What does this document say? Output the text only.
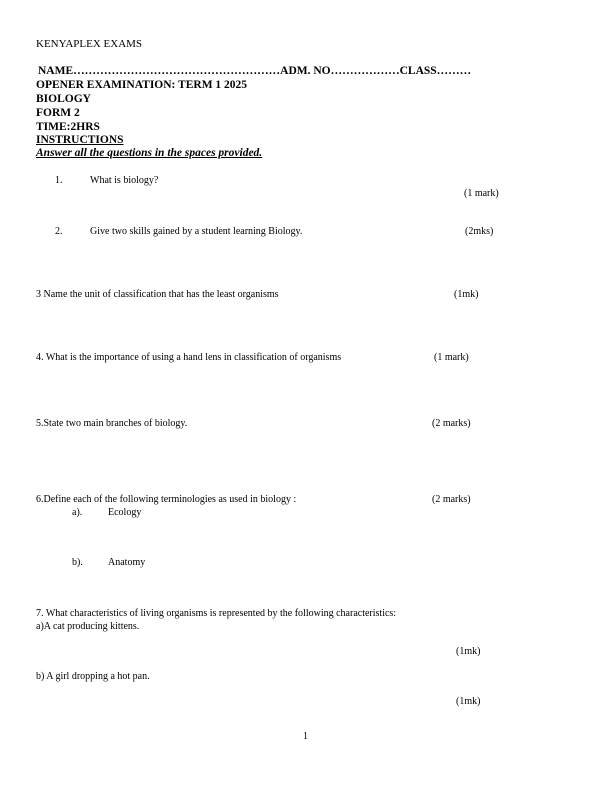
KENYAPLEX EXAMS
NAME………………………………………………ADM. NO………………CLASS………
OPENER EXAMINATION: TERM 1 2025
BIOLOGY
FORM 2
TIME:2HRS
INSTRUCTIONS
Answer all the questions in the spaces provided.
1.	What is biology?
(1 mark)
2.	Give two skills gained by a student learning Biology.	(2mks)
3 Name the unit of classification that has the least organisms	(1mk)
4. What is the importance of using a hand lens in classification of organisms	(1 mark)
5.State two main branches of biology.	(2 marks)
6.Define each of the following terminologies as used in biology :	(2 marks)
a).	Ecology
b).	Anatomy
7. What characteristics of living organisms is represented by the following characteristics:
a)A cat producing kittens.
(1mk)
b) A girl dropping a hot pan.
(1mk)
1
